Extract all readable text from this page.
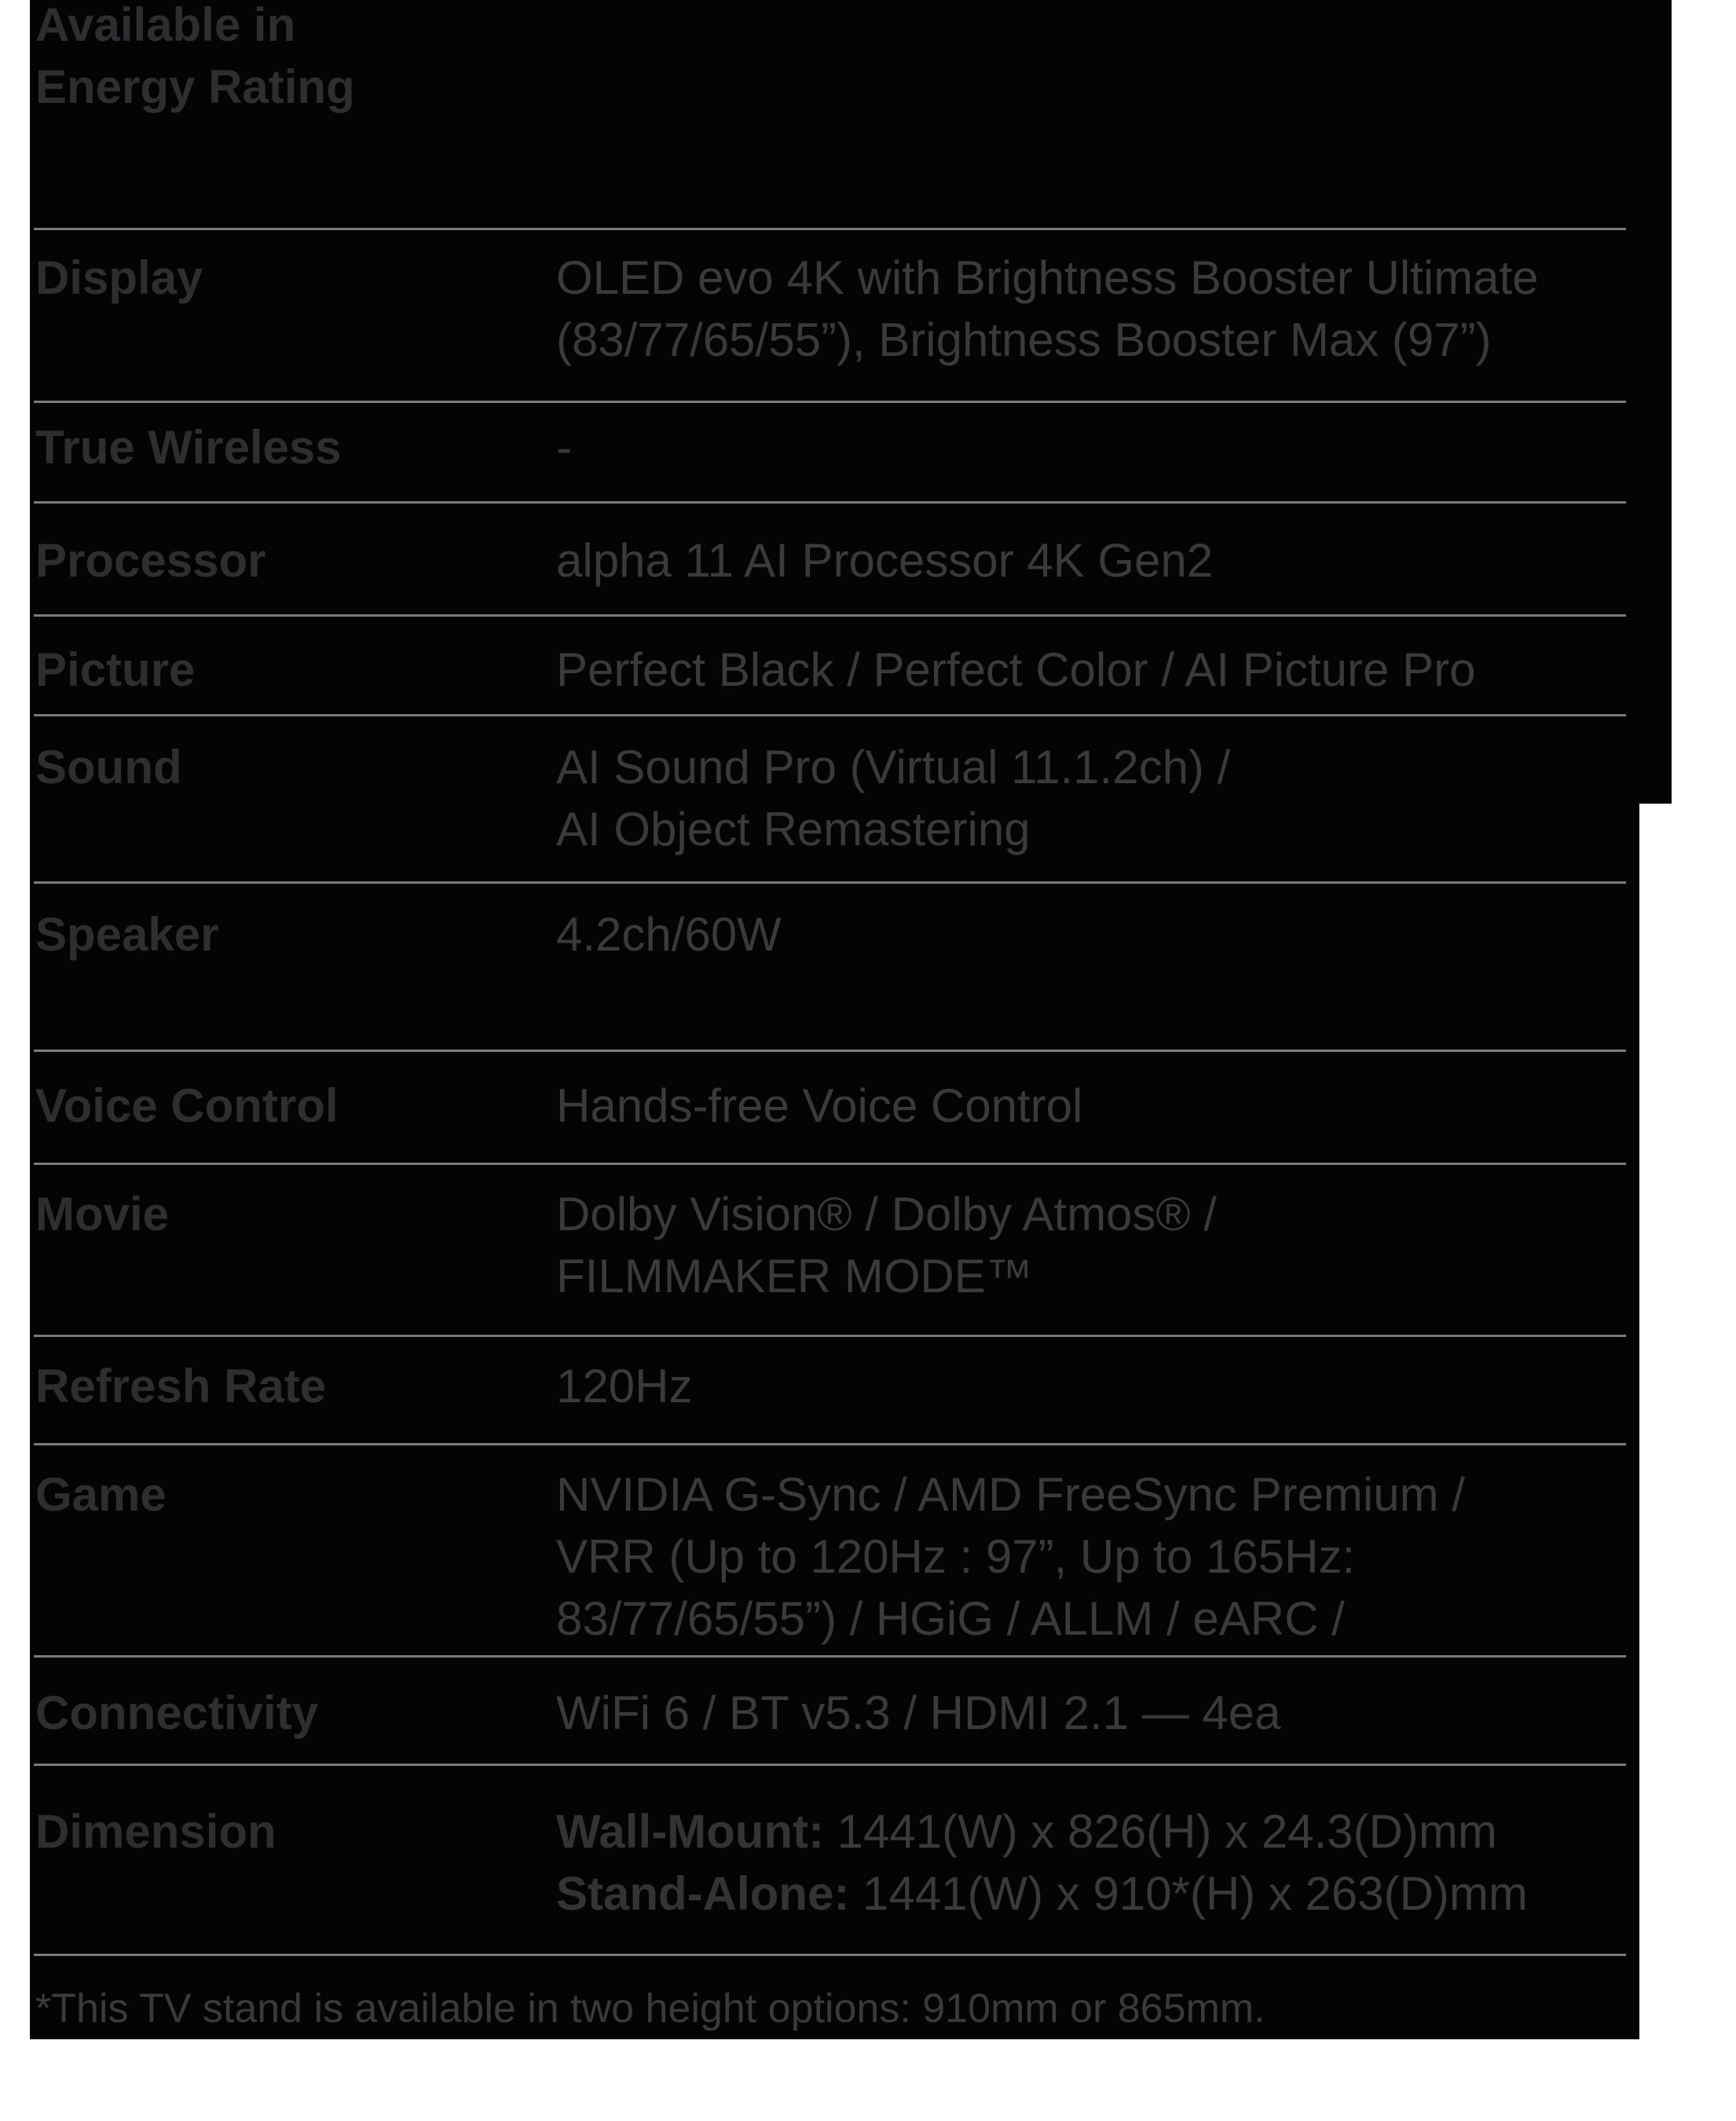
Available in
Energy Rating
Display	OLED evo 4K with Brightness Booster Ultimate
(83/77/65/55”), Brightness Booster Max (97”)
True Wireless	-
Processor	alpha 11 AI Processor 4K Gen2
Picture	Perfect Black / Perfect Color / AI Picture Pro
Sound	AI Sound Pro (Virtual 11.1.2ch) /
AI Object Remastering
Speaker	4.2ch/60W
Voice Control	Hands-free Voice Control
Movie	Dolby Vision® / Dolby Atmos® /
FILMMAKER MODE™
Refresh Rate	120Hz
Game	NVIDIA G-Sync / AMD FreeSync Premium /
VRR (Up to 120Hz : 97”, Up to 165Hz:
83/77/65/55”) / HGiG / ALLM / eARC /
Connectivity	WiFi 6 / BT v5.3 / HDMI 2.1 — 4ea
Dimension	Wall-Mount: 1441(W) x 826(H) x 24.3(D)mm
Stand-Alone: 1441(W) x 910*(H) x 263(D)mm
*This TV stand is available in two height options: 910mm or 865mm.
